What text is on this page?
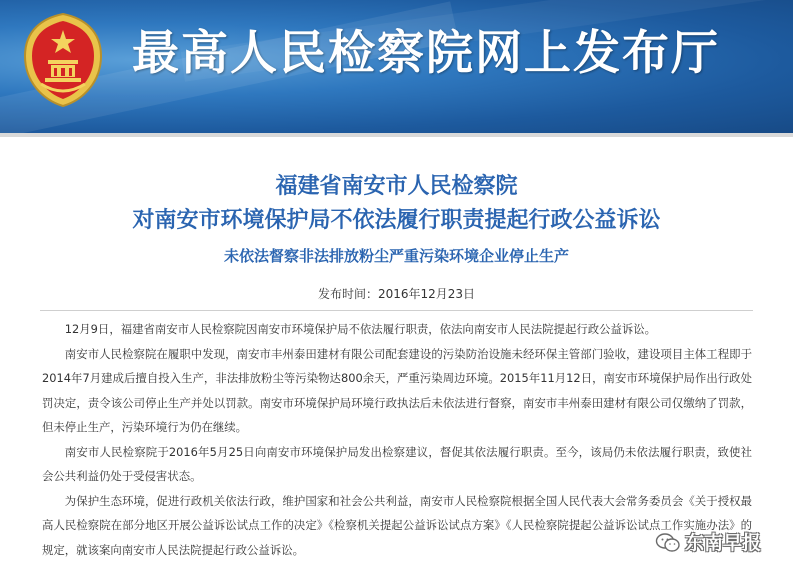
最高人民检察院网上发布厅
福建省南安市人民检察院
对南安市环境保护局不依法履行职责提起行政公益诉讼
未依法督察非法排放粉尘严重污染环境企业停止生产
发布时间：2016年12月23日

12月9日，福建省南安市人民检察院因南安市环境保护局不依法履行职责，依法向南安市人民法院提起行政公益诉讼。

南安市人民检察院在履职中发现，南安市丰州泰田建材有限公司配套建设的污染防治设施未经环保主管部门验收，建设项目主体工程即于2014年7月建成后擅自投入生产，非法排放粉尘等污染物达800余天，严重污染周边环境。2015年11月12日，南安市环境保护局作出行政处罚决定，责令该公司停止生产并处以罚款。南安市环境保护局环境行政执法后未依法进行督察，南安市丰州泰田建材有限公司仅缴纳了罚款，但未停止生产，污染环境行为仍在继续。

南安市人民检察院于2016年5月25日向南安市环境保护局发出检察建议，督促其依法履行职责。至今，该局仍未依法履行职责，致使社会公共利益仍处于受侵害状态。

为保护生态环境，促进行政机关依法行政，维护国家和社会公共利益，南安市人民检察院根据全国人民代表大会常务委员会《关于授权最高人民检察院在部分地区开展公益诉讼试点工作的决定》《检察机关提起公益诉讼试点方案》《人民检察院提起公益诉讼试点工作实施办法》的规定，就该案向南安市人民法院提起行政公益诉讼。	东南早报
